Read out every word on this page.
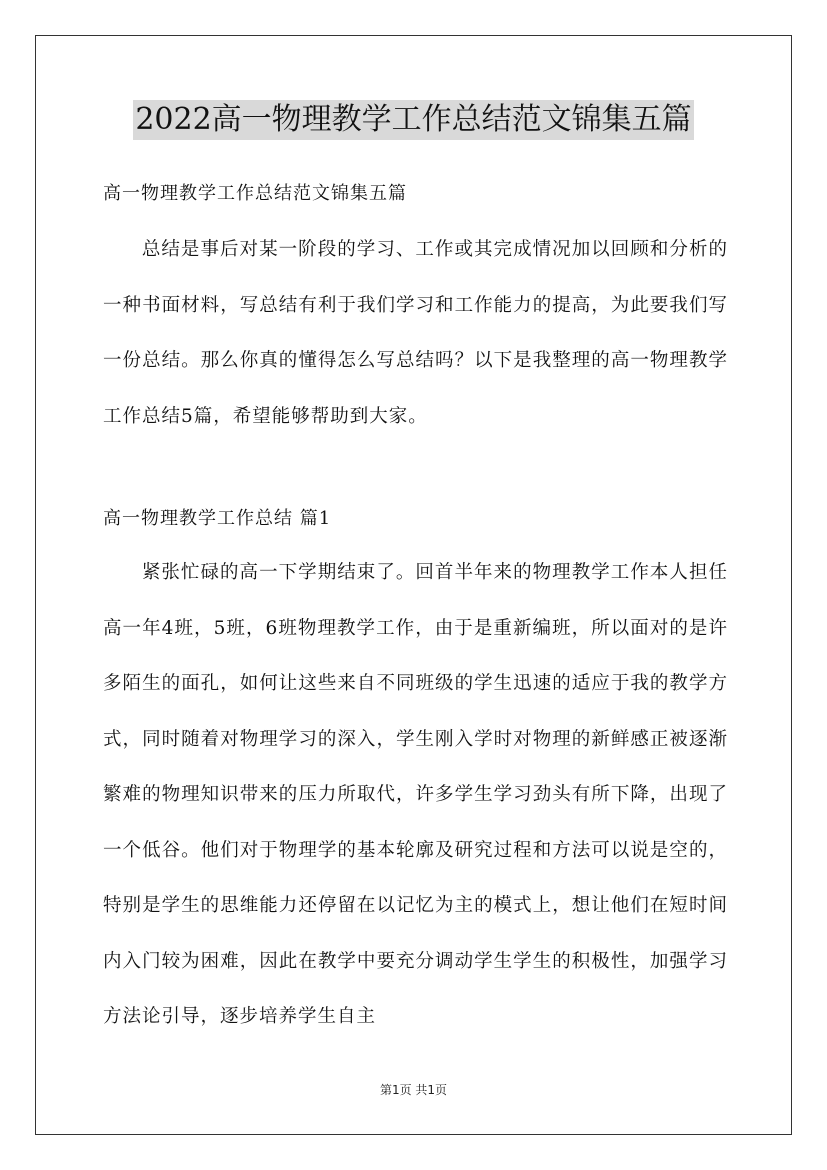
2022高一物理教学工作总结范文锦集五篇
高一物理教学工作总结范文锦集五篇
总结是事后对某一阶段的学习、工作或其完成情况加以回顾和分析的一种书面材料，写总结有利于我们学习和工作能力的提高，为此要我们写一份总结。那么你真的懂得怎么写总结吗？以下是我整理的高一物理教学工作总结5篇，希望能够帮助到大家。
高一物理教学工作总结 篇1
紧张忙碌的高一下学期结束了。回首半年来的物理教学工作本人担任高一年4班，5班，6班物理教学工作，由于是重新编班，所以面对的是许多陌生的面孔，如何让这些来自不同班级的学生迅速的适应于我的教学方式，同时随着对物理学习的深入，学生刚入学时对物理的新鲜感正被逐渐繁难的物理知识带来的压力所取代，许多学生学习劲头有所下降，出现了一个低谷。他们对于物理学的基本轮廓及研究过程和方法可以说是空的，特别是学生的思维能力还停留在以记忆为主的模式上，想让他们在短时间内入门较为困难，因此在教学中要充分调动学生学生的积极性，加强学习方法论引导，逐步培养学生自主
第1页 共1页
